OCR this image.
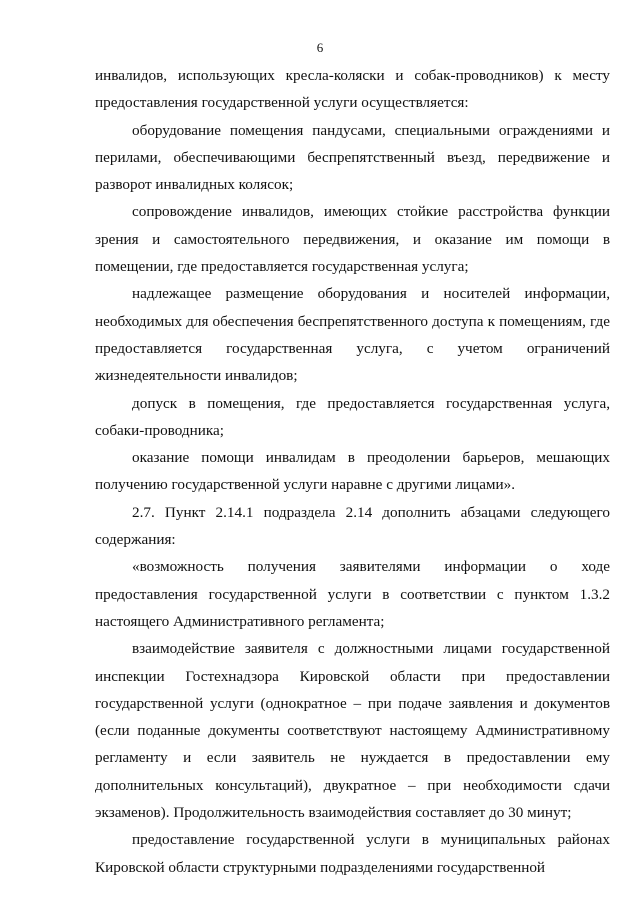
6

инвалидов, использующих кресла-коляски и собак-проводников) к месту предоставления государственной услуги осуществляется:

оборудование помещения пандусами, специальными ограждениями и перилами, обеспечивающими беспрепятственный въезд, передвижение и разворот инвалидных колясок;

сопровождение инвалидов, имеющих стойкие расстройства функции зрения и самостоятельного передвижения, и оказание им помощи в помещении, где предоставляется государственная услуга;

надлежащее размещение оборудования и носителей информации, необходимых для обеспечения беспрепятственного доступа к помещениям, где предоставляется государственная услуга, с учетом ограничений жизнедеятельности инвалидов;

допуск в помещения, где предоставляется государственная услуга, собаки-проводника;

оказание помощи инвалидам в преодолении барьеров, мешающих получению государственной услуги наравне с другими лицами».

2.7. Пункт 2.14.1 подраздела 2.14 дополнить абзацами следующего содержания:

«возможность получения заявителями информации о ходе предоставления государственной услуги в соответствии с пунктом 1.3.2 настоящего Административного регламента;

взаимодействие заявителя с должностными лицами государственной инспекции Гостехнадзора Кировской области при предоставлении государственной услуги (однократное – при подаче заявления и документов (если поданные документы соответствуют настоящему Административному регламенту и если заявитель не нуждается в предоставлении ему дополнительных консультаций), двукратное – при необходимости сдачи экзаменов). Продолжительность взаимодействия составляет до 30 минут;

предоставление государственной услуги в муниципальных районах Кировской области структурными подразделениями государственной
